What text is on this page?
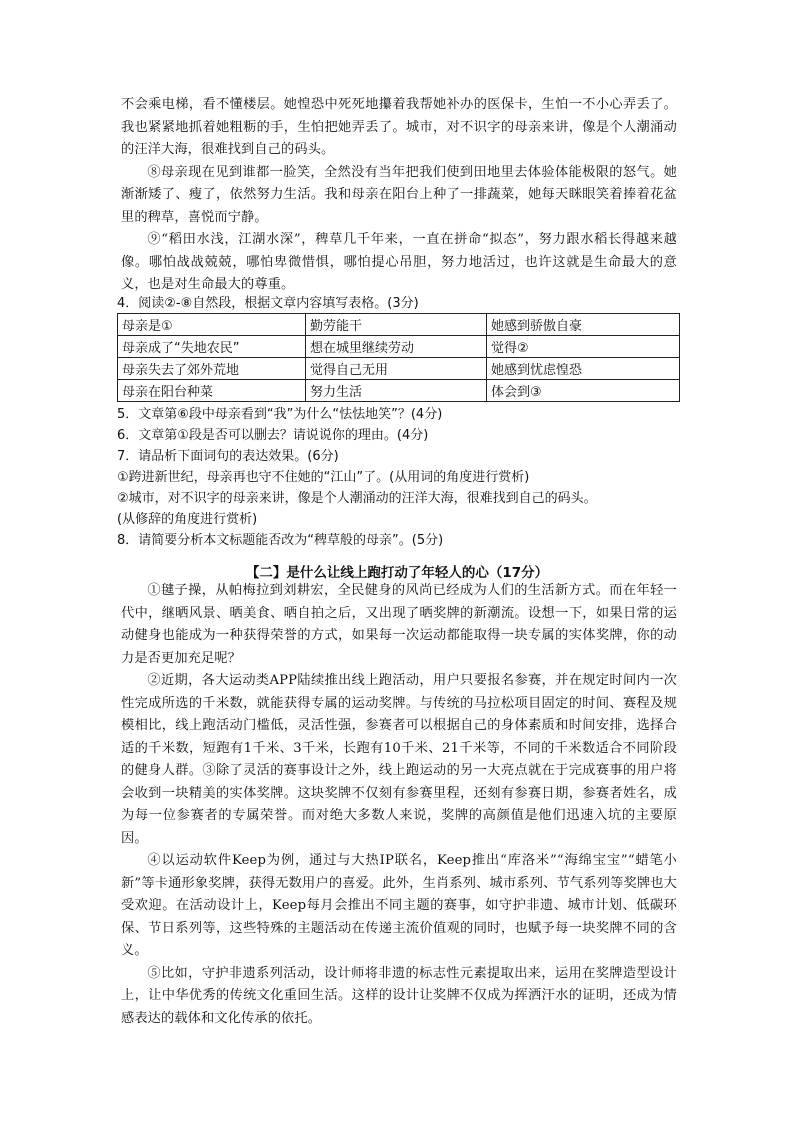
不会乘电梯，看不懂楼层。她惶恐中死死地攥着我帮她补办的医保卡，生怕一不小心弄丢了。我也紧紧地抓着她粗粝的手，生怕把她弄丢了。城市，对不识字的母亲来讲，像是个人潮涌动的汪洋大海，很难找到自己的码头。

⑧母亲现在见到谁都一脸笑，全然没有当年把我们使到田地里去体验体能极限的怒气。她渐渐矮了、瘦了，依然努力生活。我和母亲在阳台上种了一排蔬菜，她每天眯眼笑着捧着花盆里的稗草，喜悦而宁静。

⑨“稻田水浅，江湖水深”，稗草几千年来，一直在拼命“拟态”，努力跟水稻长得越来越像。哪怕战战兢兢，哪怕卑微惜惧，哪怕提心吊胆，努力地活过，也许这就是生命最大的意义，也是对生命最大的尊重。

4．阅读②-⑧自然段，根据文章内容填写表格。(3分)

母亲是①	勤劳能干	她感到骄傲自豪
母亲成了“失地农民”	想在城里继续劳动	觉得②
母亲失去了郊外荒地	觉得自己无用	她感到忧虑惶恐
母亲在阳台种菜	努力生活	体会到③

5．文章第⑥段中母亲看到“我”为什么“怯怯地笑”？(4分)

6．文章第①段是否可以删去？请说说你的理由。(4分)

7．请品析下面词句的表达效果。(6分)

①跨进新世纪，母亲再也守不住她的“江山”了。(从用词的角度进行赏析)

②城市，对不识字的母亲来讲，像是个人潮涌动的汪洋大海，很难找到自己的码头。

(从修辞的角度进行赏析)

8．请简要分析本文标题能否改为“稗草般的母亲”。(5分)

【二】是什么让线上跑打动了年轻人的心（17分）

①毽子操，从帕梅拉到刘耕宏，全民健身的风尚已经成为人们的生活新方式。而在年轻一代中，继晒风景、晒美食、晒自拍之后，又出现了晒奖牌的新潮流。设想一下，如果日常的运动健身也能成为一种获得荣誉的方式，如果每一次运动都能取得一块专属的实体奖牌，你的动力是否更加充足呢？

②近期，各大运动类APP陆续推出线上跑活动，用户只要报名参赛，并在规定时间内一次性完成所选的千米数，就能获得专属的运动奖牌。与传统的马拉松项目固定的时间、赛程及规模相比，线上跑活动门槛低，灵活性强，参赛者可以根据自己的身体素质和时间安排，选择合适的千米数，短跑有1千米、3千米，长跑有10千米、21千米等，不同的千米数适合不同阶段的健身人群。③除了灵活的赛事设计之外，线上跑运动的另一大亮点就在于完成赛事的用户将会收到一块精美的实体奖牌。这块奖牌不仅刻有参赛里程，还刻有参赛日期，参赛者姓名，成为每一位参赛者的专属荣誉。而对绝大多数人来说，奖牌的高颜值是他们迅速入坑的主要原因。

④以运动软件Keep为例，通过与大热IP联名，Keep推出“库洛米”“海绵宝宝”“蜡笔小新”等卡通形象奖牌，获得无数用户的喜爱。此外，生肖系列、城市系列、节气系列等奖牌也大受欢迎。在活动设计上，Keep每月会推出不同主题的赛事，如守护非遗、城市计划、低碳环保、节日系列等，这些特殊的主题活动在传递主流价值观的同时，也赋予每一块奖牌不同的含义。

⑤比如，守护非遗系列活动，设计师将非遗的标志性元素提取出来，运用在奖牌造型设计上，让中华优秀的传统文化重回生活。这样的设计让奖牌不仅成为挥洒汗水的证明，还成为情感表达的载体和文化传承的依托。
